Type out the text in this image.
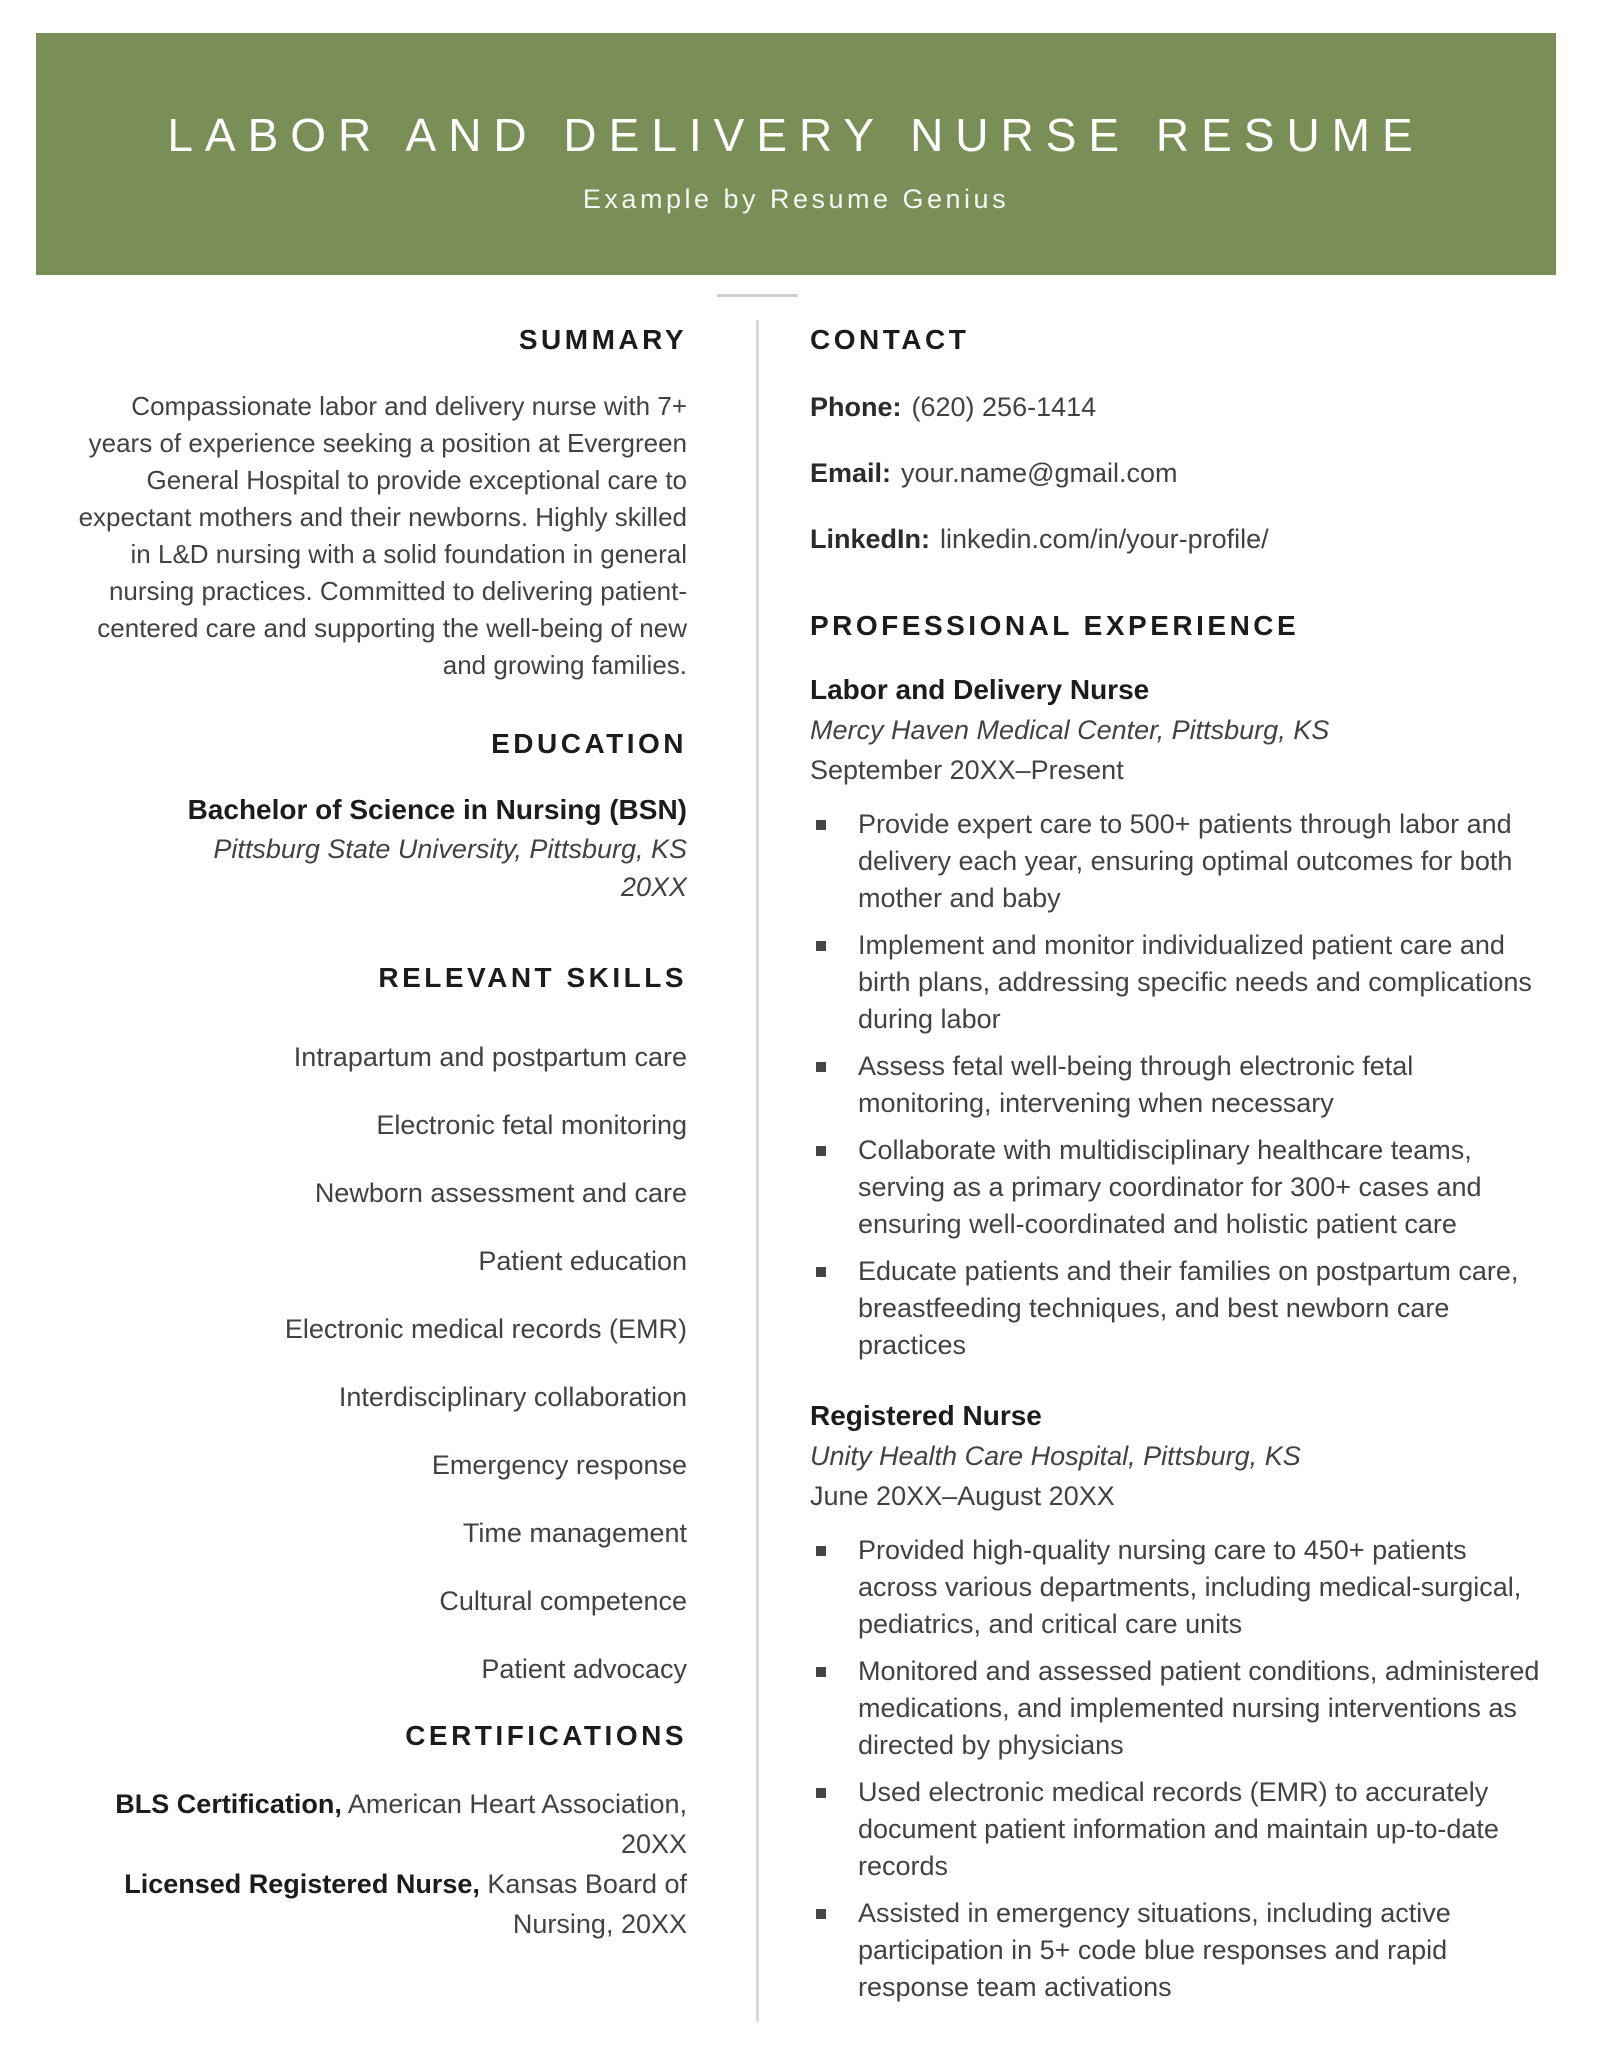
LABOR AND DELIVERY NURSE RESUME
Example by Resume Genius
SUMMARY
Compassionate labor and delivery nurse with 7+ years of experience seeking a position at Evergreen General Hospital to provide exceptional care to expectant mothers and their newborns. Highly skilled in L&D nursing with a solid foundation in general nursing practices. Committed to delivering patient-centered care and supporting the well-being of new and growing families.
EDUCATION
Bachelor of Science in Nursing (BSN)
Pittsburg State University, Pittsburg, KS
20XX
RELEVANT SKILLS
Intrapartum and postpartum care
Electronic fetal monitoring
Newborn assessment and care
Patient education
Electronic medical records (EMR)
Interdisciplinary collaboration
Emergency response
Time management
Cultural competence
Patient advocacy
CERTIFICATIONS
BLS Certification, American Heart Association, 20XX
Licensed Registered Nurse, Kansas Board of Nursing, 20XX
CONTACT
Phone: (620) 256-1414
Email: your.name@gmail.com
LinkedIn: linkedin.com/in/your-profile/
PROFESSIONAL EXPERIENCE
Labor and Delivery Nurse
Mercy Haven Medical Center, Pittsburg, KS
September 20XX–Present
Provide expert care to 500+ patients through labor and delivery each year, ensuring optimal outcomes for both mother and baby
Implement and monitor individualized patient care and birth plans, addressing specific needs and complications during labor
Assess fetal well-being through electronic fetal monitoring, intervening when necessary
Collaborate with multidisciplinary healthcare teams, serving as a primary coordinator for 300+ cases and ensuring well-coordinated and holistic patient care
Educate patients and their families on postpartum care, breastfeeding techniques, and best newborn care practices
Registered Nurse
Unity Health Care Hospital, Pittsburg, KS
June 20XX–August 20XX
Provided high-quality nursing care to 450+ patients across various departments, including medical-surgical, pediatrics, and critical care units
Monitored and assessed patient conditions, administered medications, and implemented nursing interventions as directed by physicians
Used electronic medical records (EMR) to accurately document patient information and maintain up-to-date records
Assisted in emergency situations, including active participation in 5+ code blue responses and rapid response team activations
